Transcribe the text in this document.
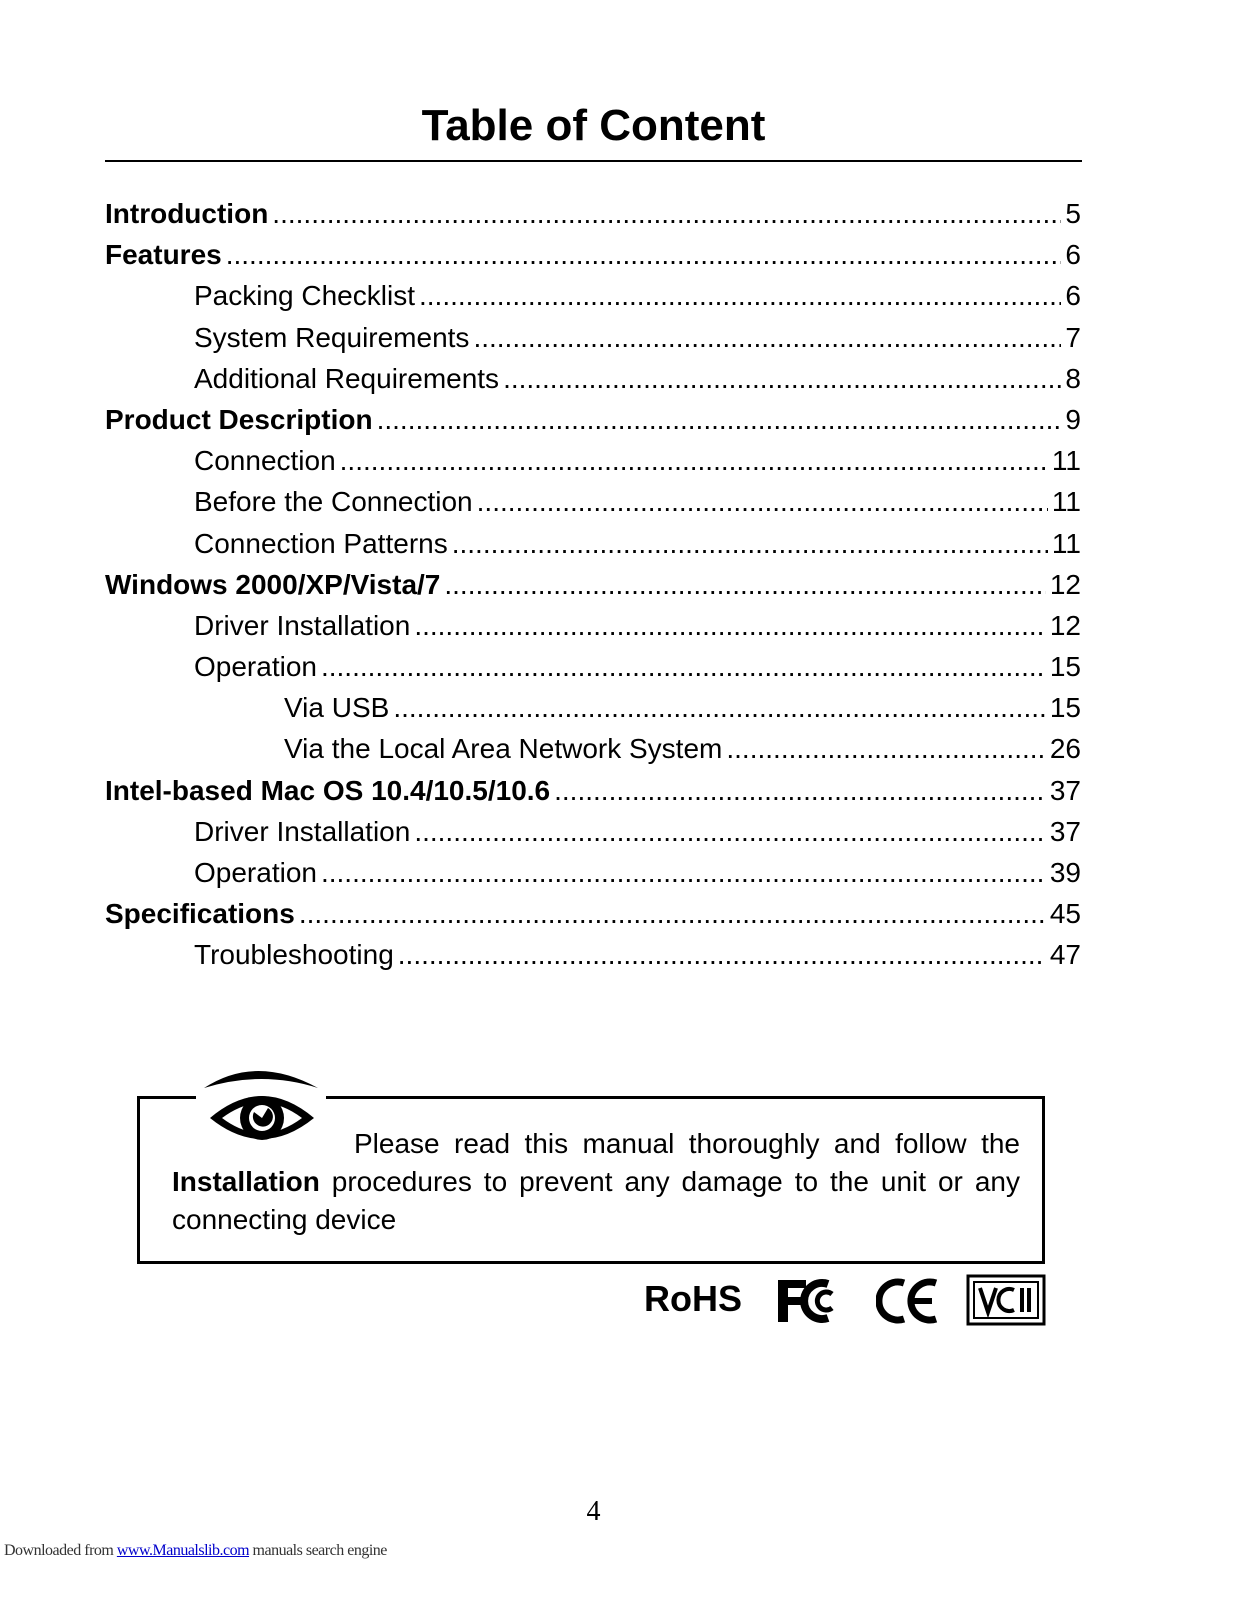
Table of Content
Introduction .....	5
Features .....	6
Packing Checklist .....	6
System Requirements .....	7
Additional Requirements .....	8
Product Description .....	9
Connection .....	11
Before the Connection .....	11
Connection Patterns .....	11
Windows 2000/XP/Vista/7 .....	12
Driver Installation .....	12
Operation .....	15
Via USB .....	15
Via the Local Area Network System .....	26
Intel-based Mac OS 10.4/10.5/10.6 .....	37
Driver Installation .....	37
Operation .....	39
Specifications .....	45
Troubleshooting .....	47
Please read this manual thoroughly and follow the Installation procedures to prevent any damage to the unit or any connecting device
RoHS
4
Downloaded from www.Manualslib.com manuals search engine
